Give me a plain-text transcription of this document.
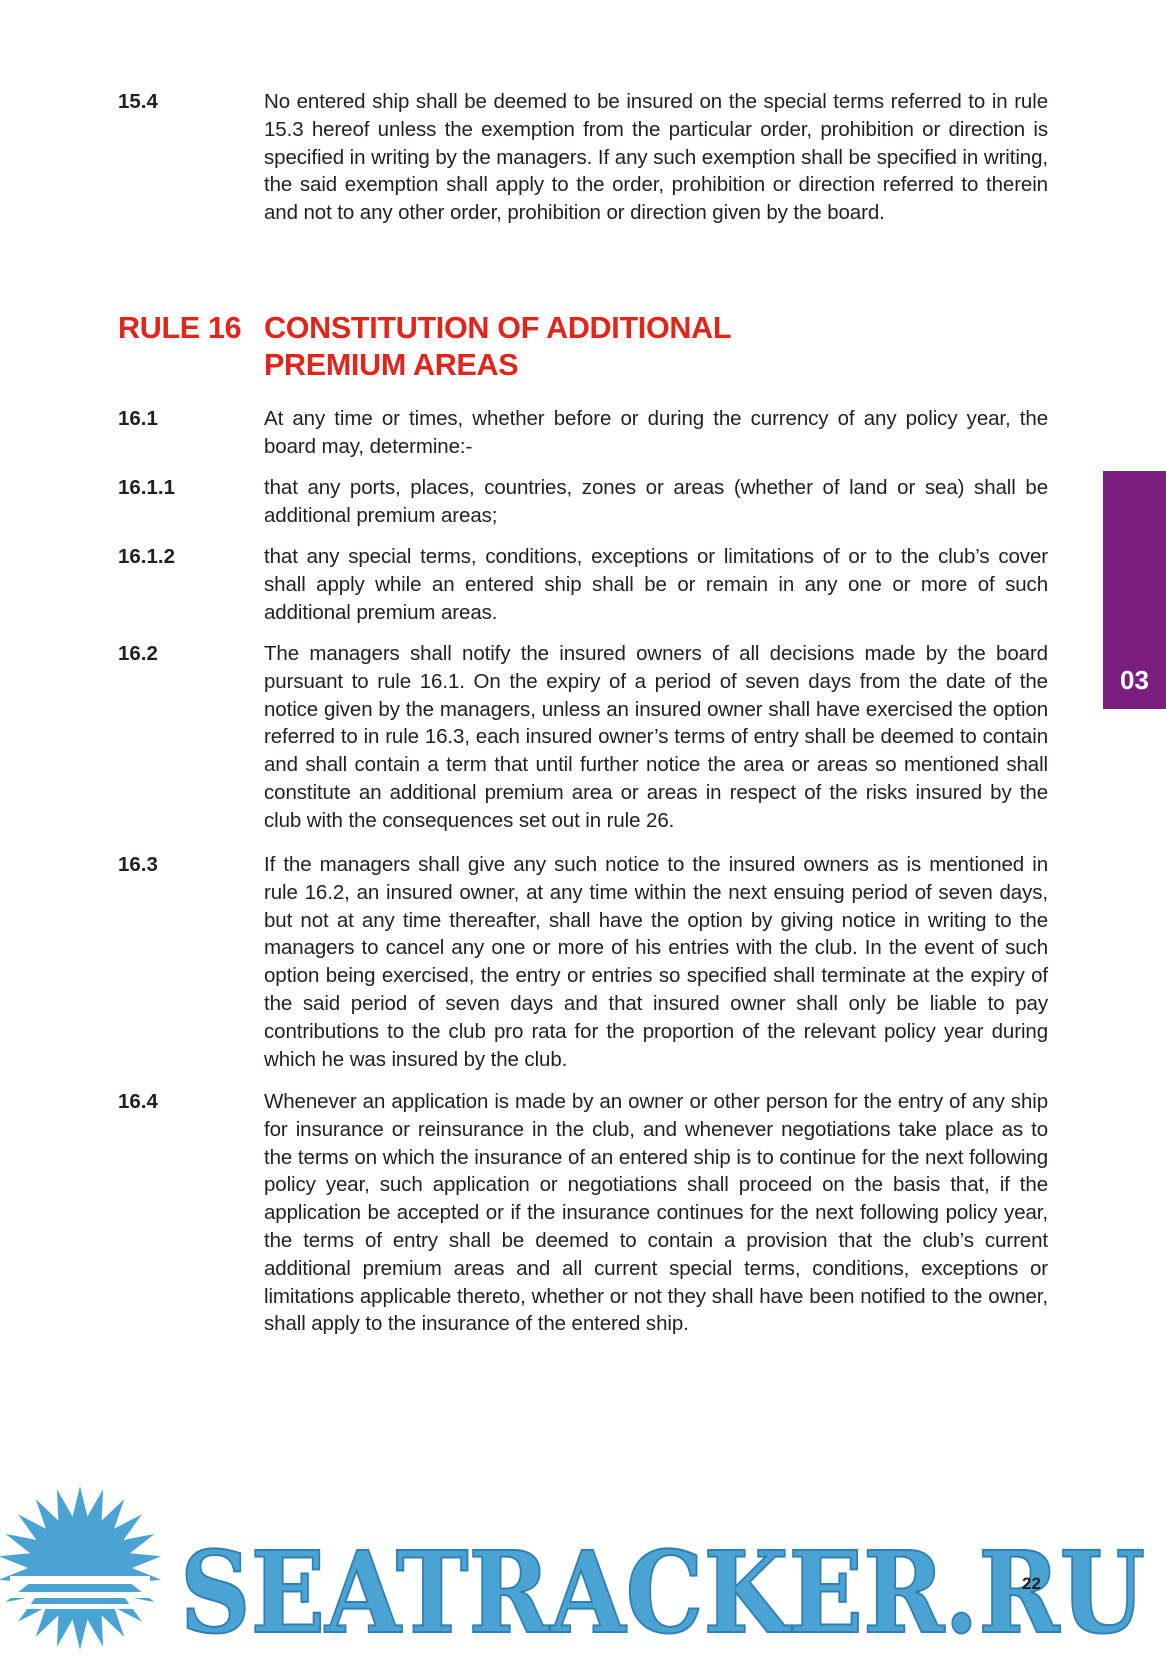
15.4	No entered ship shall be deemed to be insured on the special terms referred to in rule 15.3 hereof unless the exemption from the particular order, prohibition or direction is specified in writing by the managers. If any such exemption shall be specified in writing, the said exemption shall apply to the order, prohibition or direction referred to therein and not to any other order, prohibition or direction given by the board.
RULE 16 CONSTITUTION OF ADDITIONAL PREMIUM AREAS
16.1	At any time or times, whether before or during the currency of any policy year, the board may, determine:-
16.1.1	that any ports, places, countries, zones or areas (whether of land or sea) shall be additional premium areas;
16.1.2	that any special terms, conditions, exceptions or limitations of or to the club’s cover shall apply while an entered ship shall be or remain in any one or more of such additional premium areas.
16.2	The managers shall notify the insured owners of all decisions made by the board pursuant to rule 16.1. On the expiry of a period of seven days from the date of the notice given by the managers, unless an insured owner shall have exercised the option referred to in rule 16.3, each insured owner’s terms of entry shall be deemed to contain and shall contain a term that until further notice the area or areas so mentioned shall constitute an additional premium area or areas in respect of the risks insured by the club with the consequences set out in rule 26.
16.3	If the managers shall give any such notice to the insured owners as is mentioned in rule 16.2, an insured owner, at any time within the next ensuing period of seven days, but not at any time thereafter, shall have the option by giving notice in writing to the managers to cancel any one or more of his entries with the club. In the event of such option being exercised, the entry or entries so specified shall terminate at the expiry of the said period of seven days and that insured owner shall only be liable to pay contributions to the club pro rata for the proportion of the relevant policy year during which he was insured by the club.
16.4	Whenever an application is made by an owner or other person for the entry of any ship for insurance or reinsurance in the club, and whenever negotiations take place as to the terms on which the insurance of an entered ship is to continue for the next following policy year, such application or negotiations shall proceed on the basis that, if the application be accepted or if the insurance continues for the next following policy year, the terms of entry shall be deemed to contain a provision that the club’s current additional premium areas and all current special terms, conditions, exceptions or limitations applicable thereto, whether or not they shall have been notified to the owner, shall apply to the insurance of the entered ship.
03
SEATRACKER.RU
22
